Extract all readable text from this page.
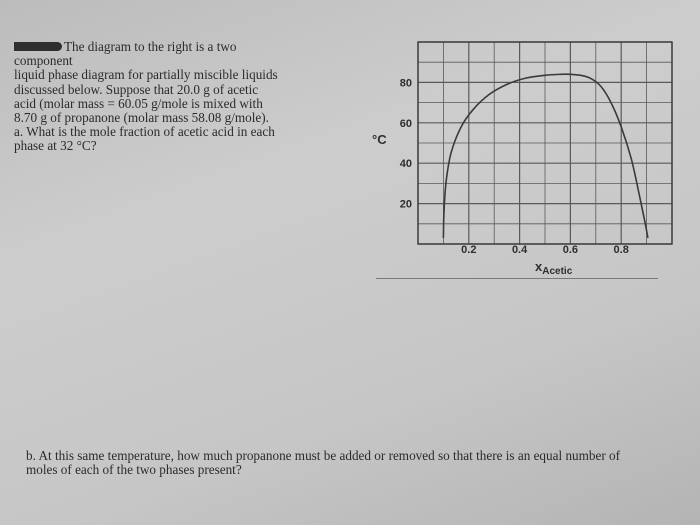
The diagram to the right is a two
component
liquid phase diagram for partially miscible liquids
discussed below. Suppose that 20.0 g of acetic
acid (molar mass = 60.05 g/mole is mixed with
8.70 g of propanone (molar mass 58.08 g/mole).
a. What is the mole fraction of acetic acid in each
phase at 32 °C?
80
60
40
20
0.2	0.4	0.6	0.8
°C
$x_{Acetic}$
b. At this same temperature, how much propanone must be added or removed so that there is an equal number of
moles of each of the two phases present?
